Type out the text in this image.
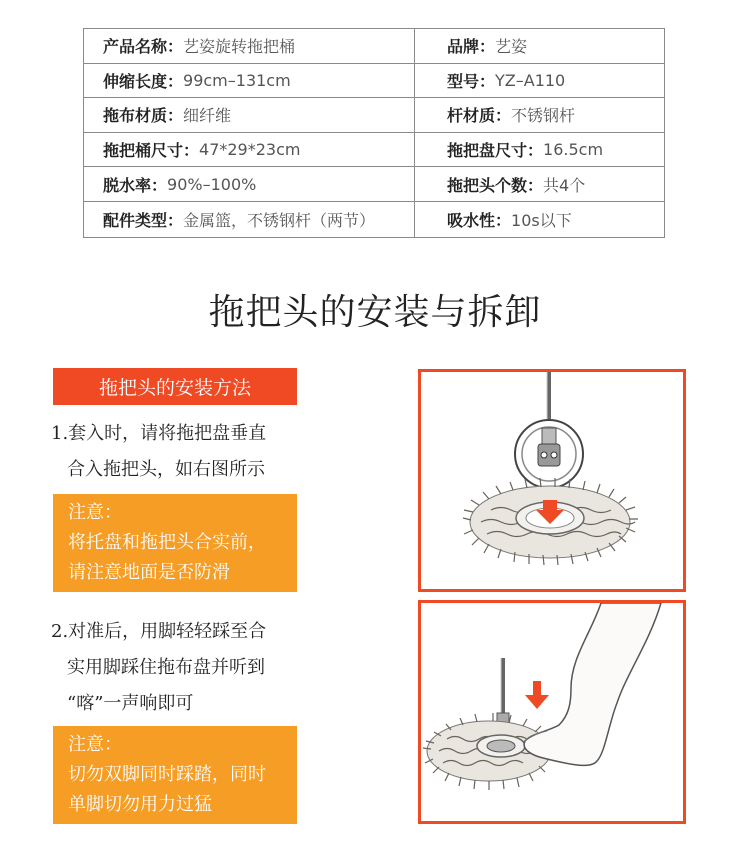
产品名称： 艺姿旋转拖把桶	品牌： 艺姿
伸缩长度： 99cm–131cm	型号： YZ–A110
拖布材质： 细纤维	杆材质： 不锈钢杆
拖把桶尺寸： 47*29*23cm	拖把盘尺寸： 16.5cm
脱水率： 90%–100%	拖把头个数： 共4个
配件类型： 金属篮，不锈钢杆（两节）	吸水性： 10s以下
拖把头的安装与拆卸
拖把头的安装方法
1.套入时，请将拖把盘垂直
合入拖把头，如右图所示
注意：
将托盘和拖把头合实前，
请注意地面是否防滑
2.对准后，用脚轻轻踩至合
实用脚踩住拖布盘并听到
“喀”一声响即可
注意：
切勿双脚同时踩踏，同时
单脚切勿用力过猛
